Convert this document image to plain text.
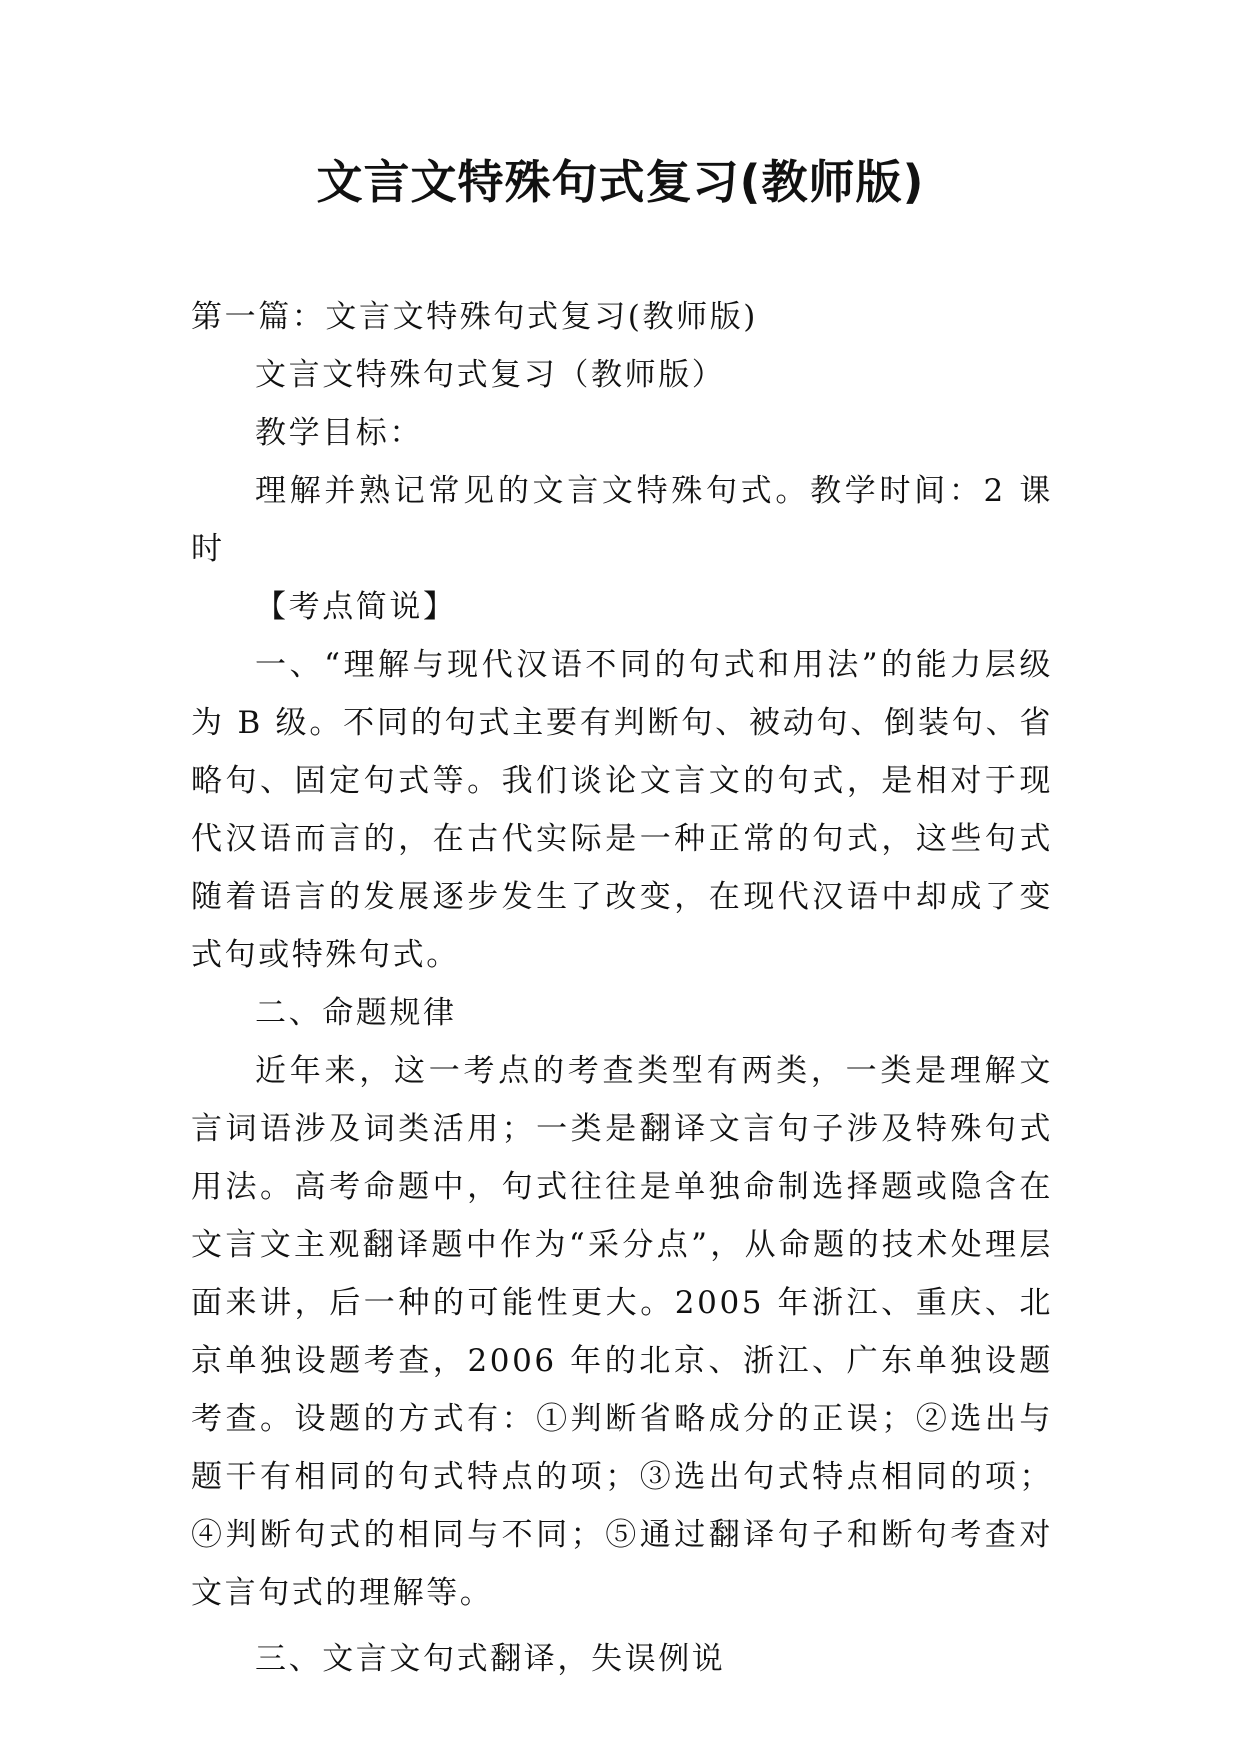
文言文特殊句式复习(教师版)

第一篇：文言文特殊句式复习(教师版)

文言文特殊句式复习（教师版）

教学目标：

理解并熟记常见的文言文特殊句式。教学时间：2 课时

【考点简说】

一、“理解与现代汉语不同的句式和用法”的能力层级为 B 级。不同的句式主要有判断句、被动句、倒装句、省略句、固定句式等。我们谈论文言文的句式，是相对于现代汉语而言的，在古代实际是一种正常的句式，这些句式随着语言的发展逐步发生了改变，在现代汉语中却成了变式句或特殊句式。

二、命题规律

近年来，这一考点的考查类型有两类，一类是理解文言词语涉及词类活用；一类是翻译文言句子涉及特殊句式用法。高考命题中，句式往往是单独命制选择题或隐含在文言文主观翻译题中作为“采分点”，从命题的技术处理层面来讲，后一种的可能性更大。2005 年浙江、重庆、北京单独设题考查，2006 年的北京、浙江、广东单独设题考查。设题的方式有：①判断省略成分的正误；②选出与题干有相同的句式特点的项；③选出句式特点相同的项；④判断句式的相同与不同；⑤通过翻译句子和断句考查对文言句式的理解等。

三、文言文句式翻译，失误例说
